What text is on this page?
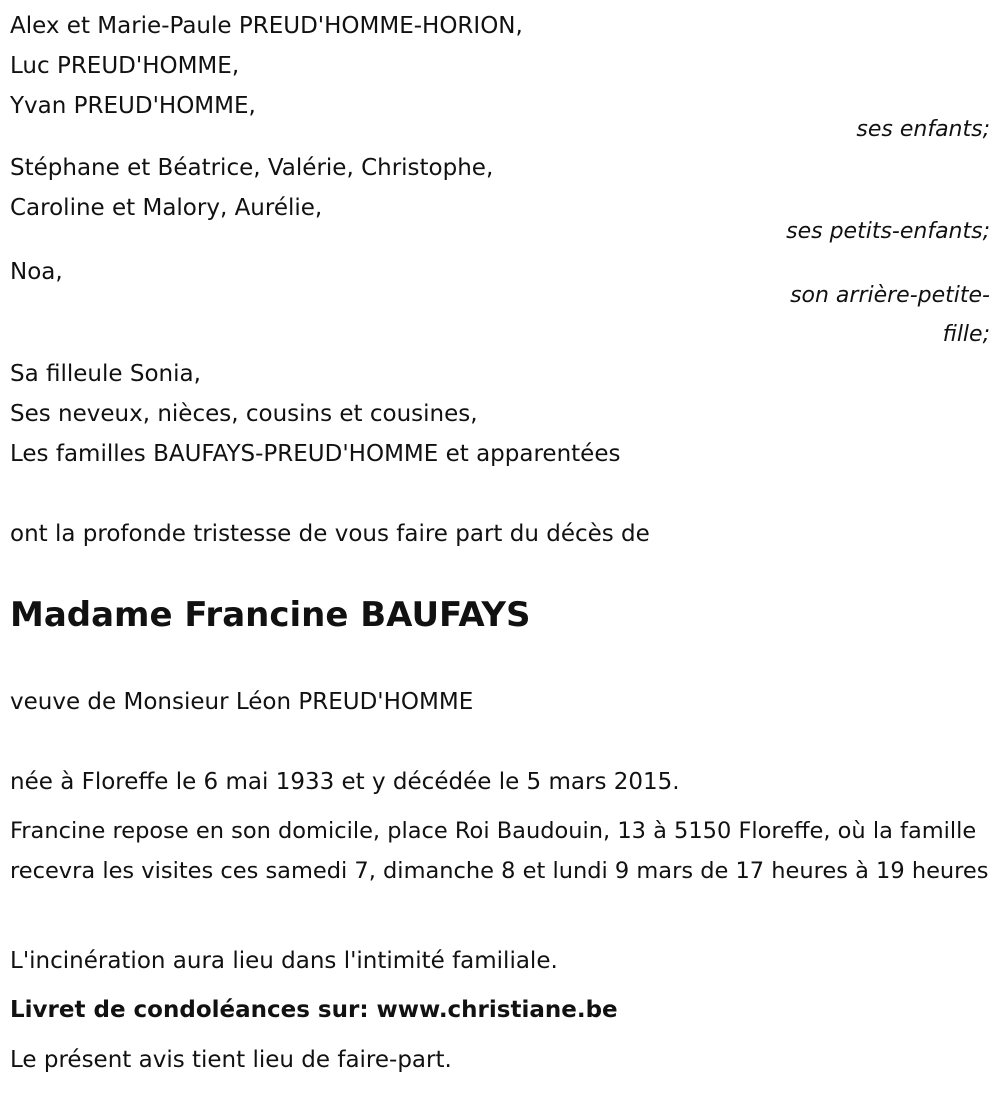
Alex et Marie-Paule PREUD'HOMME-HORION,
Luc PREUD'HOMME,
Yvan PREUD'HOMME,
ses enfants;
Stéphane et Béatrice, Valérie, Christophe,
Caroline et Malory, Aurélie,
ses petits-enfants;
Noa,
son arrière-petite-
fille;
Sa filleule Sonia,
Ses neveux, nièces, cousins et cousines,
Les familles BAUFAYS-PREUD'HOMME et apparentées
ont la profonde tristesse de vous faire part du décès de
Madame Francine BAUFAYS
veuve de Monsieur Léon PREUD'HOMME
née à Floreffe le 6 mai 1933 et y décédée le 5 mars 2015.
Francine repose en son domicile, place Roi Baudouin, 13 à 5150 Floreffe, où la famille recevra les visites ces samedi 7, dimanche 8 et lundi 9 mars de 17 heures à 19 heures
L'incinération aura lieu dans l'intimité familiale.
Livret de condoléances sur: www.christiane.be
Le présent avis tient lieu de faire-part.
